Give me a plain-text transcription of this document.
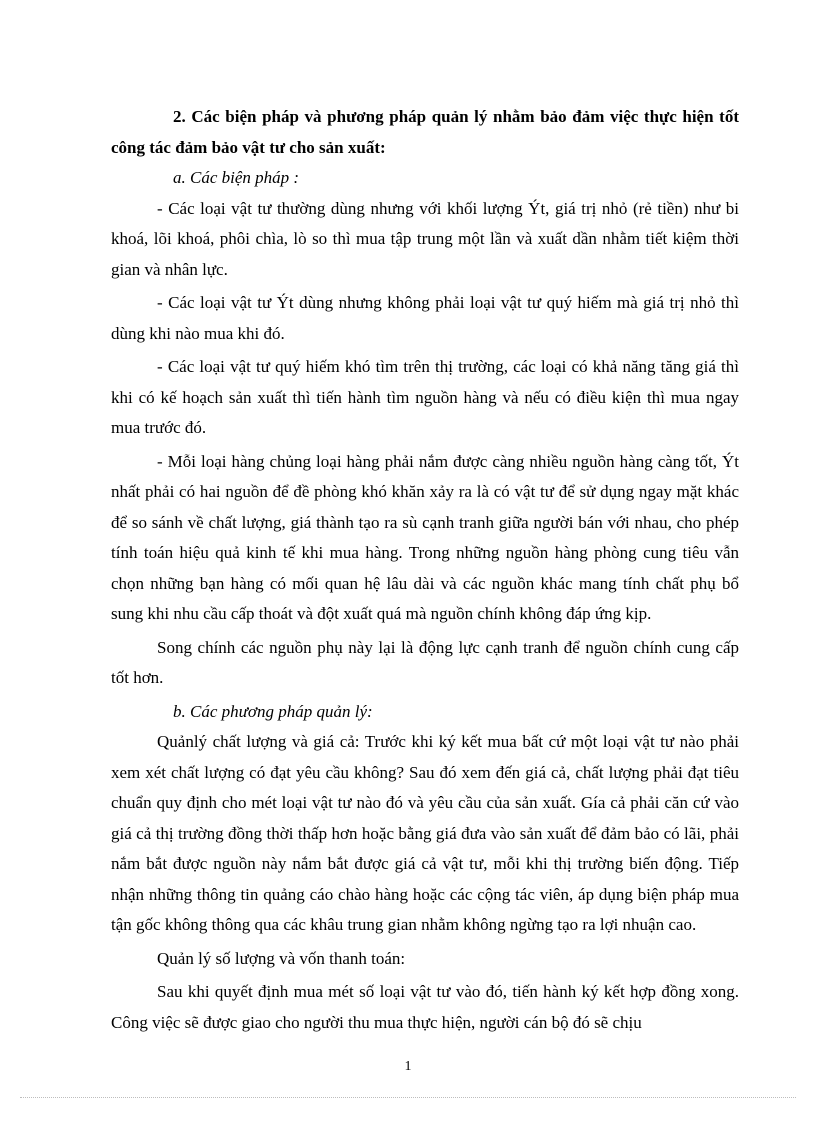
2. Các biện pháp và phương pháp quản lý nhằm bảo đảm việc thực hiện tốt công tác đảm bảo vật tư cho sản xuất:

a. Các biện pháp :

- Các loại vật tư thường dùng nhưng với khối lượng Ýt, giá trị nhỏ (rẻ tiền) như bi khoá, lõi khoá, phôi chìa, lò so thì mua tập trung một lần và xuất dần nhằm tiết kiệm thời gian và nhân lực.

- Các loại vật tư Ýt dùng nhưng không phải loại vật tư quý hiếm mà giá trị nhỏ thì dùng khi nào mua khi đó.

- Các loại vật tư quý hiếm khó tìm trên thị trường, các loại có khả năng tăng giá thì khi có kế hoạch sản xuất thì tiến hành tìm nguồn hàng và nếu có điều kiện thì mua ngay mua trước đó.

- Mỗi loại hàng chủng loại hàng phải nắm được càng nhiều nguồn hàng càng tốt, Ýt nhất phải có hai nguồn để đề phòng khó khăn xảy ra là có vật tư để sử dụng ngay mặt khác để so sánh về chất lượng, giá thành tạo ra sù cạnh tranh giữa người bán với nhau, cho phép tính toán hiệu quả kinh tế khi mua hàng. Trong những nguồn hàng phòng cung tiêu vẫn chọn những bạn hàng có mối quan hệ lâu dài và các nguồn khác mang tính chất phụ bổ sung khi nhu cầu cấp thoát và đột xuất quá mà nguồn chính không đáp ứng kịp.

Song chính các nguồn phụ này lại là động lực cạnh tranh để nguồn chính cung cấp tốt hơn.

b. Các phương pháp quản lý:

Quảnlý chất lượng và giá cả: Trước khi ký kết mua bất cứ một loại vật tư nào phải xem xét chất lượng có đạt yêu cầu không? Sau đó xem đến giá cả, chất lượng phải đạt tiêu chuẩn quy định cho mét loại vật tư nào đó và yêu cầu của sản xuất. Gía cả phải căn cứ vào giá cả thị trường đồng thời thấp hơn hoặc bằng giá đưa vào sản xuất để đảm bảo có lãi, phải nắm bắt được nguồn này nắm bắt được giá cả vật tư, mỗi khi thị trường biến động. Tiếp nhận những thông tin quảng cáo chào hàng hoặc các cộng tác viên, áp dụng biện pháp mua tận gốc không thông qua các khâu trung gian nhằm không ngừng tạo ra lợi nhuận cao.

Quản lý số lượng và vốn thanh toán:

Sau khi quyết định mua mét số loại vật tư vào đó, tiến hành ký kết hợp đồng xong. Công việc sẽ được giao cho người thu mua thực hiện, người cán bộ đó sẽ chịu

1
